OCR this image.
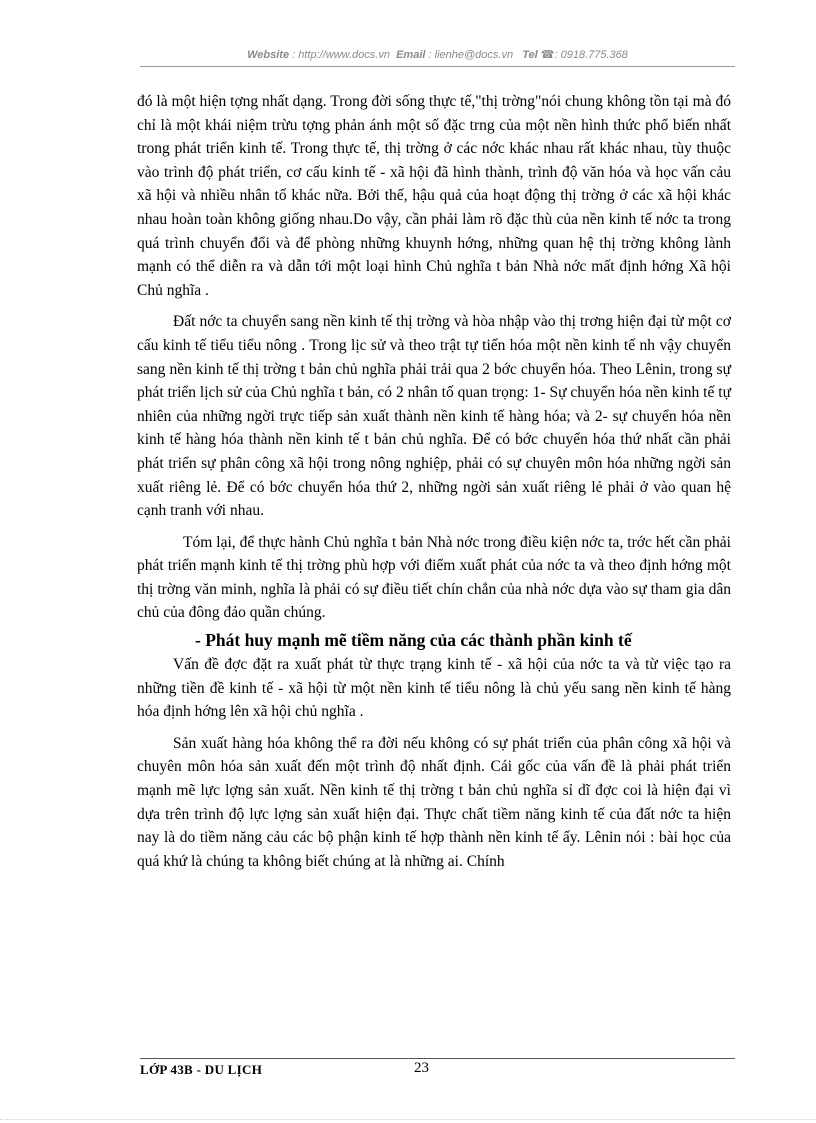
Website : http://www.docs.vn Email : lienhe@docs.vn Tel ☎: 0918.775.368

đó là một hiện tợng nhất dạng. Trong đời sống thực tế,"thị trờng"nói chung không tồn tại mà đó chỉ là một khái niệm trừu tợng phản ánh một số đặc trng của một nền hình thức phổ biến nhất trong phát triển kinh tế. Trong thực tế, thị trờng ở các nớc khác nhau rất khác nhau, tùy thuộc vào trình độ phát triển, cơ cấu kinh tế - xã hội đã hình thành, trình độ văn hóa và học vấn cảu xã hội và nhiều nhân tố khác nữa. Bởi thế, hậu quả của hoạt động thị trờng ở các xã hội khác nhau hoàn toàn không giống nhau.Do vậy, cần phải làm rõ đặc thù của nền kinh tế nớc ta trong quá trình chuyển đổi và để phòng những khuynh hớng, những quan hệ thị trờng không lành mạnh có thể diễn ra và dẫn tới một loại hình Chủ nghĩa t bản Nhà nớc mất định hớng Xã hội Chủ nghĩa .

Đất nớc ta chuyển sang nền kinh tế thị trờng và hòa nhập vào thị trơng hiện đại từ một cơ cấu kinh tế tiểu tiểu nông . Trong lịc sử và theo trật tự tiến hóa một nền kinh tế nh vậy chuyển sang nền kinh tế thị trờng t bản chủ nghĩa phải trải qua 2 bớc chuyển hóa. Theo Lênin, trong sự phát triển lịch sử của Chủ nghĩa t bản, có 2 nhân tố quan trọng: 1- Sự chuyển hóa nền kinh tế tự nhiên của những ngời trực tiếp sản xuất thành nền kinh tế hàng hóa; và 2- sự chuyển hóa nền kinh tế hàng hóa thành nền kinh tế t bản chủ nghĩa. Để có bớc chuyển hóa thứ nhất cần phải phát triển sự phân công xã hội trong nông nghiệp, phải có sự chuyên môn hóa những ngời sản xuất riêng lẻ. Để có bớc chuyển hóa thứ 2, những ngời sản xuất riêng lẻ phải ở vào quan hệ cạnh tranh với nhau.

Tóm lại, để thực hành Chủ nghĩa t bản Nhà nớc trong điều kiện nớc ta, trớc hết cần phải phát triển mạnh kinh tế thị trờng phù hợp với điểm xuất phát của nớc ta và theo định hớng một thị trờng văn minh, nghĩa là phải có sự điều tiết chín chắn của nhà nớc dựa vào sự tham gia dân chủ của đông đảo quần chúng.

- Phát huy mạnh mẽ tiềm năng của các thành phần kinh tế

Vấn đề đợc đặt ra xuất phát từ thực trạng kinh tế - xã hội của nớc ta và từ việc tạo ra những tiền đề kinh tế - xã hội từ một nền kinh tế tiểu nông là chủ yếu sang nền kinh tế hàng hóa định hớng lên xã hội chủ nghĩa .

Sản xuất hàng hóa không thể ra đời nếu không có sự phát triển của phân công xã hội và chuyên môn hóa sản xuất đến một trình độ nhất định. Cái gốc của vấn đề là phải phát triển mạnh mẽ lực lợng sản xuất. Nền kinh tế thị trờng t bản chủ nghĩa sỉ dĩ đợc coi là hiện đại vì dựa trên trình độ lực lợng sản xuất hiện đại. Thực chất tiềm năng kinh tế của đất nớc ta hiện nay là do tiềm năng cảu các bộ phận kinh tế hợp thành nền kinh tế ấy. Lênin nói : bài học của quá khứ là chúng ta không biết chúng at là những ai. Chính

LỚP 43B - DU LỊCH	23
